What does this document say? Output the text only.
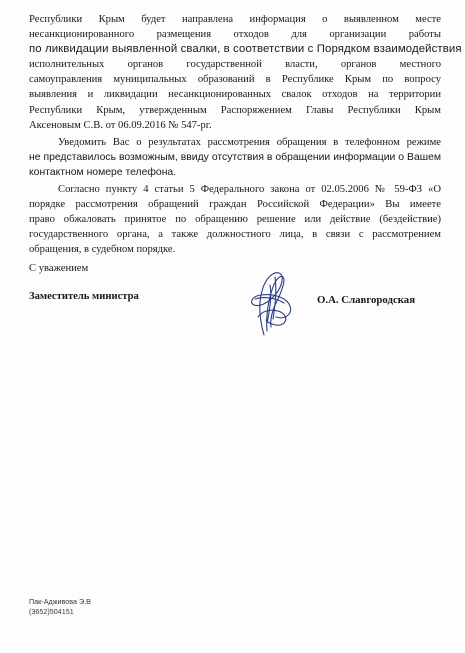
Республики Крым будет направлена информация о выявленном месте
несанкционированного размещения отходов для организации работы
по ликвидации выявленной свалки, в соответствии с Порядком взаимодействия
исполнительных органов государственной власти, органов местного
самоуправления муниципальных образований в Республике Крым по вопросу
выявления и ликвидации несанкционированных свалок отходов на территории
Республики Крым, утвержденным Распоряжением Главы Республики Крым
Аксеновым С.В. от 06.09.2016 № 547-рг.

Уведомить Вас о результатах рассмотрения обращения в телефонном режиме
не представилось возможным, ввиду отсутствия в обращении информации о Вашем
контактном номере телефона.

Согласно пункту 4 статьи 5 Федерального закона от 02.05.2006 № 59-ФЗ «О
порядке рассмотрения обращений граждан Российской Федерации» Вы имеете
право обжаловать принятое по обращению решение или действие (бездействие)
государственного органа, а также должностного лица, в связи с рассмотрением
обращения, в судебном порядке.

С уважением

Заместитель министра	О.А. Славгородская

Пак-Адживова Э.В
(3652)504151
